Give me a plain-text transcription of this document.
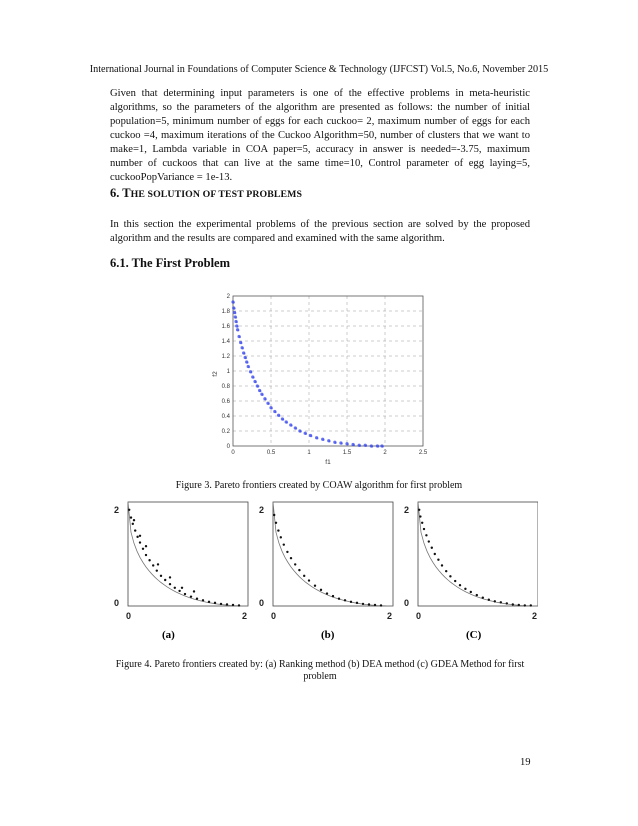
International Journal in Foundations of Computer Science & Technology (IJFCST) Vol.5, No.6, November 2015
Given that determining input parameters is one of the effective problems in meta-heuristic algorithms, so the parameters of the algorithm are presented as follows: the number of initial population=5, minimum number of eggs for each cuckoo= 2, maximum number of eggs for each cuckoo =4, maximum iterations of the Cuckoo Algorithm=50, number of clusters that we want to make=1, Lambda variable in COA paper=5, accuracy in answer is needed=-3.75, maximum number of cuckoos that can live at the same time=10, Control parameter of egg laying=5, cuckooPopVariance = 1e-13.
6. THE SOLUTION OF TEST PROBLEMS
In this section the experimental problems of the previous section are solved by the proposed algorithm and the results are compared and examined with the same algorithm.
6.1. The First Problem
0
0.2
0.4
0.6
0.8
1
1.2
1.4
1.6
1.8
2
0	0.5	1	1.5	2	2.5
f1
f2
Figure 3. Pareto frontiers created by COAW algorithm for first problem
2
0
0	2
(a)
2
0
0	2
(b)
2
0
0	2
(C)
Figure 4. Pareto frontiers created by: (a) Ranking method (b) DEA method (c) GDEA Method for first problem
19
